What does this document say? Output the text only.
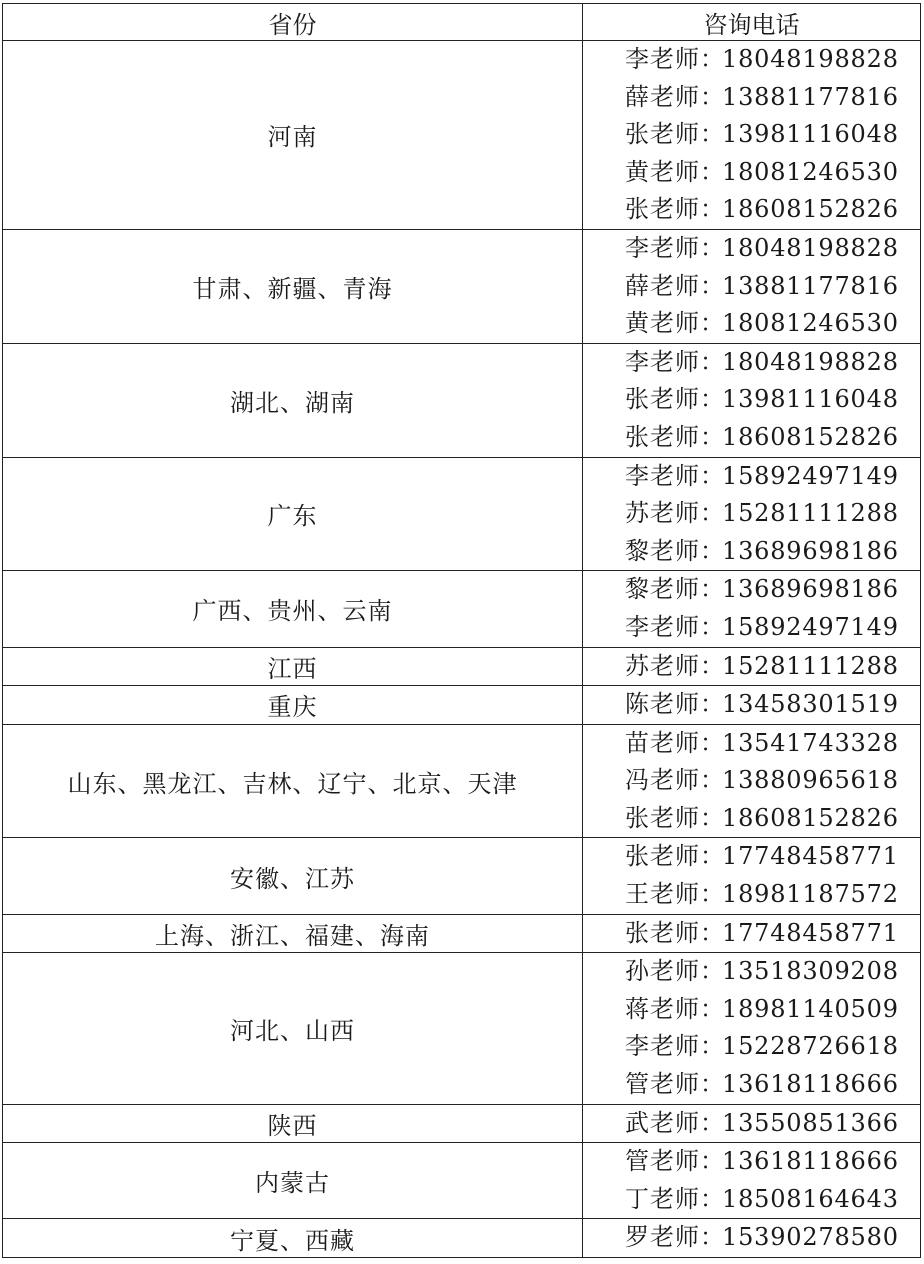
省份	咨询电话
河南	李老师：18048198828
薛老师：13881177816
张老师：13981116048
黄老师：18081246530
张老师：18608152826

甘肃、新疆、青海	李老师：18048198828
薛老师：13881177816
黄老师：18081246530

湖北、湖南	李老师：18048198828
张老师：13981116048
张老师：18608152826

广东	李老师：15892497149
苏老师：15281111288
黎老师：13689698186

广西、贵州、云南	黎老师：13689698186
李老师：15892497149

江西	苏老师：15281111288

重庆	陈老师：13458301519

山东、黑龙江、吉林、辽宁、北京、天津	苗老师：13541743328
冯老师：13880965618
张老师：18608152826

安徽、江苏	张老师：17748458771
王老师：18981187572

上海、浙江、福建、海南	张老师：17748458771

河北、山西	孙老师：13518309208
蒋老师：18981140509
李老师：15228726618
管老师：13618118666

陕西	武老师：13550851366

内蒙古	管老师：13618118666
丁老师：18508164643

宁夏、西藏	罗老师：15390278580
